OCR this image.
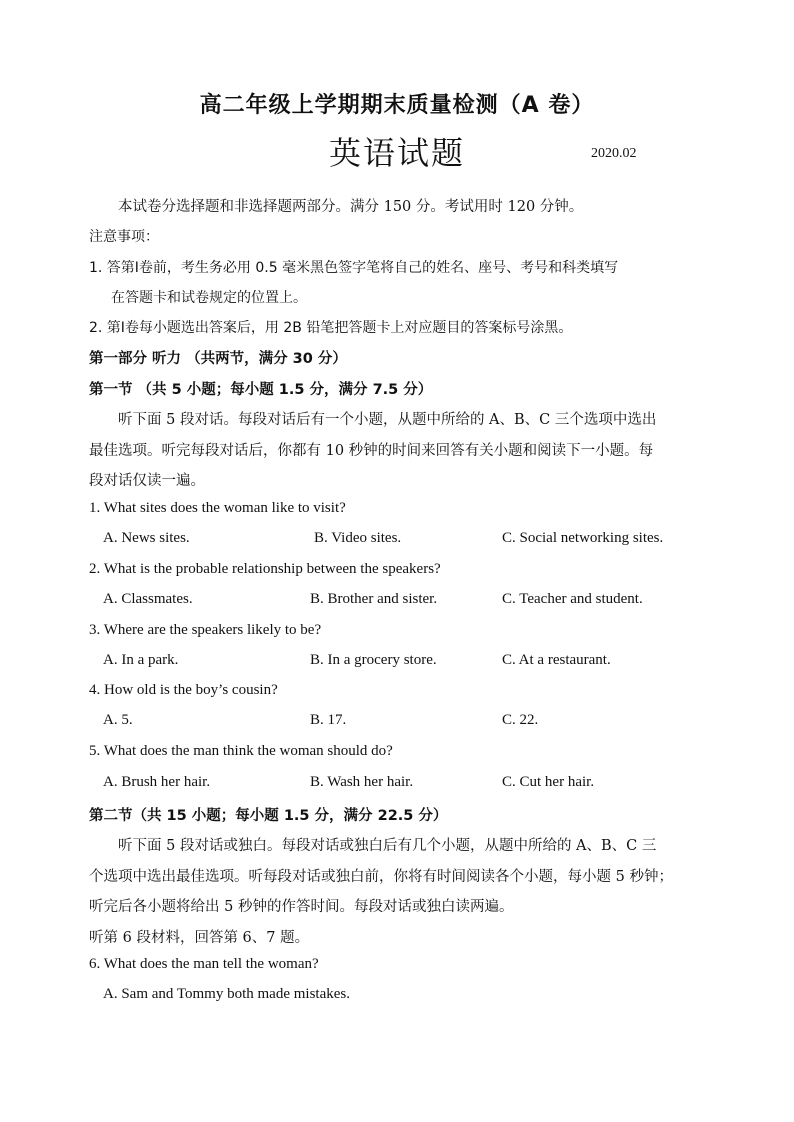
高二年级上学期期末质量检测（A 卷）
英语试题	2020.02
本试卷分选择题和非选择题两部分。满分 150 分。考试用时 120 分钟。
注意事项：
1. 答第Ⅰ卷前，考生务必用 0.5 毫米黑色签字笔将自己的姓名、座号、考号和科类填写
在答题卡和试卷规定的位置上。
2. 第Ⅰ卷每小题选出答案后，用 2B 铅笔把答题卡上对应题目的答案标号涂黑。
第一部分 听力 （共两节，满分 30 分）
第一节 （共 5 小题；每小题 1.5 分，满分 7.5 分）
听下面 5 段对话。每段对话后有一个小题，从题中所给的 A、B、C 三个选项中选出
最佳选项。听完每段对话后，你都有 10 秒钟的时间来回答有关小题和阅读下一小题。每
段对话仅读一遍。
1. What sites does the woman like to visit?
A. News sites.	B. Video sites.	C. Social networking sites.
2. What is the probable relationship between the speakers?
A. Classmates.	B. Brother and sister.	C. Teacher and student.
3. Where are the speakers likely to be?
A. In a park.	B. In a grocery store.	C. At a restaurant.
4. How old is the boy’s cousin?
A. 5.	B. 17.	C. 22.
5. What does the man think the woman should do?
A. Brush her hair.	B. Wash her hair.	C. Cut her hair.
第二节（共 15 小题；每小题 1.5 分，满分 22.5 分）
听下面 5 段对话或独白。每段对话或独白后有几个小题，从题中所给的 A、B、C 三
个选项中选出最佳选项。听每段对话或独白前，你将有时间阅读各个小题，每小题 5 秒钟；
听完后各小题将给出 5 秒钟的作答时间。每段对话或独白读两遍。
听第 6 段材料，回答第 6、7 题。
6. What does the man tell the woman?
A. Sam and Tommy both made mistakes.
